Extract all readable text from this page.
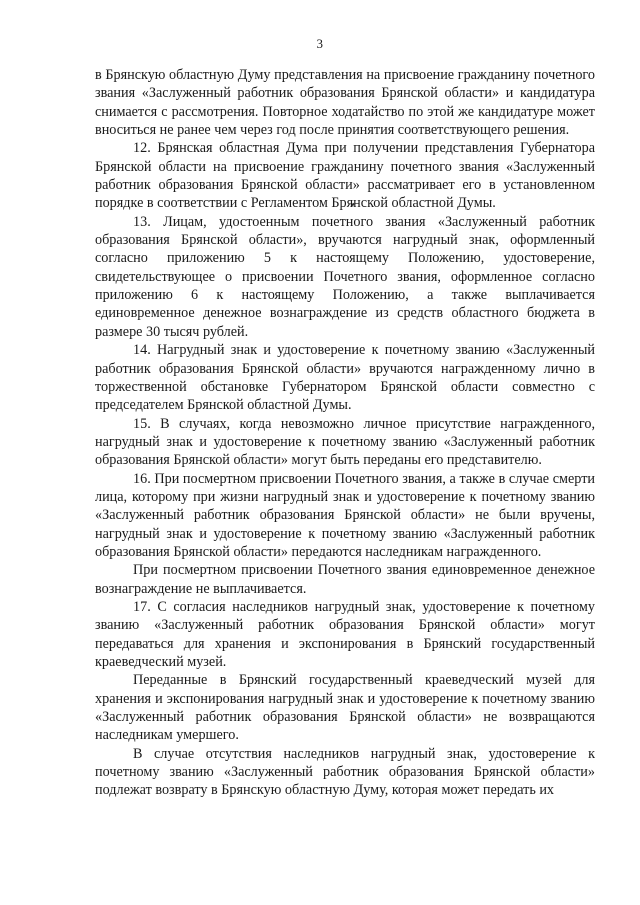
3

в Брянскую областную Думу представления на присвоение гражданину почетного звания «Заслуженный работник образования Брянской области» и кандидатура снимается с рассмотрения. Повторное ходатайство по этой же кандидатуре может вноситься не ранее чем через год после принятия соответствующего решения.

12. Брянская областная Дума при получении представления Губернатора Брянской области на присвоение гражданину почетного звания «Заслуженный работник образования Брянской области» рассматривает его в установленном порядке в соответствии с Регламентом Брянской областной Думы.

13. Лицам, удостоенным почетного звания «Заслуженный работник образования Брянской области», вручаются нагрудный знак, оформленный согласно приложению 5 к настоящему Положению, удостоверение, свидетельствующее о присвоении Почетного звания, оформленное согласно приложению 6 к настоящему Положению, а также выплачивается единовременное денежное вознаграждение из средств областного бюджета в размере 30 тысяч рублей.

14. Нагрудный знак и удостоверение к почетному званию «Заслуженный работник образования Брянской области» вручаются награжденному лично в торжественной обстановке Губернатором Брянской области совместно с председателем Брянской областной Думы.

15. В случаях, когда невозможно личное присутствие награжденного, нагрудный знак и удостоверение к почетному званию «Заслуженный работник образования Брянской области» могут быть переданы его представителю.

16. При посмертном присвоении Почетного звания, а также в случае смерти лица, которому при жизни нагрудный знак и удостоверение к почетному званию «Заслуженный работник образования Брянской области» не были вручены, нагрудный знак и удостоверение к почетному званию «Заслуженный работник образования Брянской области» передаются наследникам награжденного.

При посмертном присвоении Почетного звания единовременное денежное вознаграждение не выплачивается.

17. С согласия наследников нагрудный знак, удостоверение к почетному званию «Заслуженный работник образования Брянской области» могут передаваться для хранения и экспонирования в Брянский государственный краеведческий музей.

Переданные в Брянский государственный краеведческий музей для хранения и экспонирования нагрудный знак и удостоверение к почетному званию «Заслуженный работник образования Брянской области» не возвращаются наследникам умершего.

В случае отсутствия наследников нагрудный знак, удостоверение к почетному званию «Заслуженный работник образования Брянской области» подлежат возврату в Брянскую областную Думу, которая может передать их
